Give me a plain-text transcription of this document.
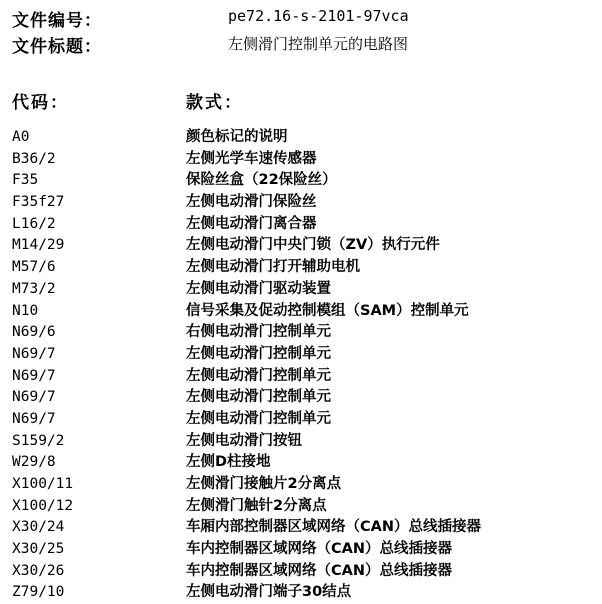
文件编号：	pe72.16-s-2101-97vca
文件标题：	左侧滑门控制单元的电路图
代码：	款式：
A0	颜色标记的说明
B36/2	左侧光学车速传感器
F35	保险丝盒（22保险丝）
F35f27	左侧电动滑门保险丝
L16/2	左侧电动滑门离合器
M14/29	左侧电动滑门中央门锁（ZV）执行元件
M57/6	左侧电动滑门打开辅助电机
M73/2	左侧电动滑门驱动装置
N10	信号采集及促动控制模组（SAM）控制单元
N69/6	右侧电动滑门控制单元
N69/7	左侧电动滑门控制单元
N69/7	左侧电动滑门控制单元
N69/7	左侧电动滑门控制单元
N69/7	左侧电动滑门控制单元
S159/2	左侧电动滑门按钮
W29/8	左侧D柱接地
X100/11	左侧滑门接触片2分离点
X100/12	左侧滑门触针2分离点
X30/24	车厢内部控制器区域网络（CAN）总线插接器
X30/25	车内控制器区域网络（CAN）总线插接器
X30/26	车内控制器区域网络（CAN）总线插接器
Z79/10	左侧电动滑门端子30结点
